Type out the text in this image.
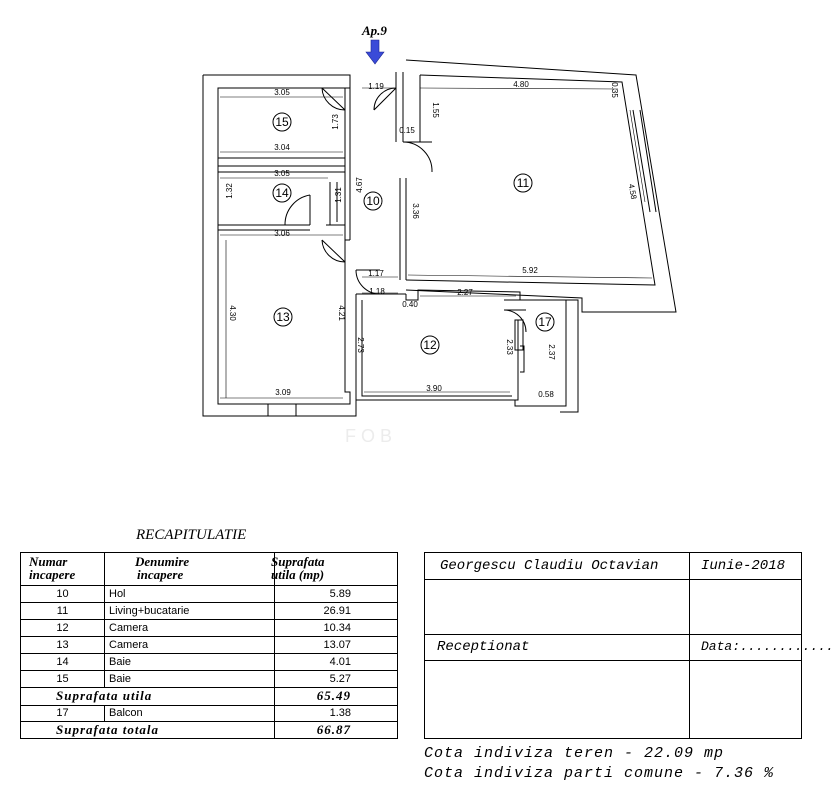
Ap.9
15
14
10
11
13
12
17
3.05
3.04
3.05
3.06
1.19	4.80
5.92
1.17
1.18
0.40
2.27
3.09	3.90
0.58
0.15
1.73
1.32	1.31
4.67
1.55
0.35
3.36
4.58
4.30	4.21
2.73	2.33	2.37
F O B
RECAPITULATIE
Numar
incapere
Denumire
incapere
Suprafata
utila (mp)
10	Hol	5.89
11	Living+bucatarie	26.91
12	Camera	10.34
13	Camera	13.07
14	Baie	4.01
15	Baie	5.27
Suprafata utila	65.49
17	Balcon	1.38
Suprafata totala	66.87
Georgescu Claudiu Octavian	Iunie-2018
Receptionat	Data:............
Cota indiviza teren - 22.09 mp
Cota indiviza parti comune - 7.36 %
